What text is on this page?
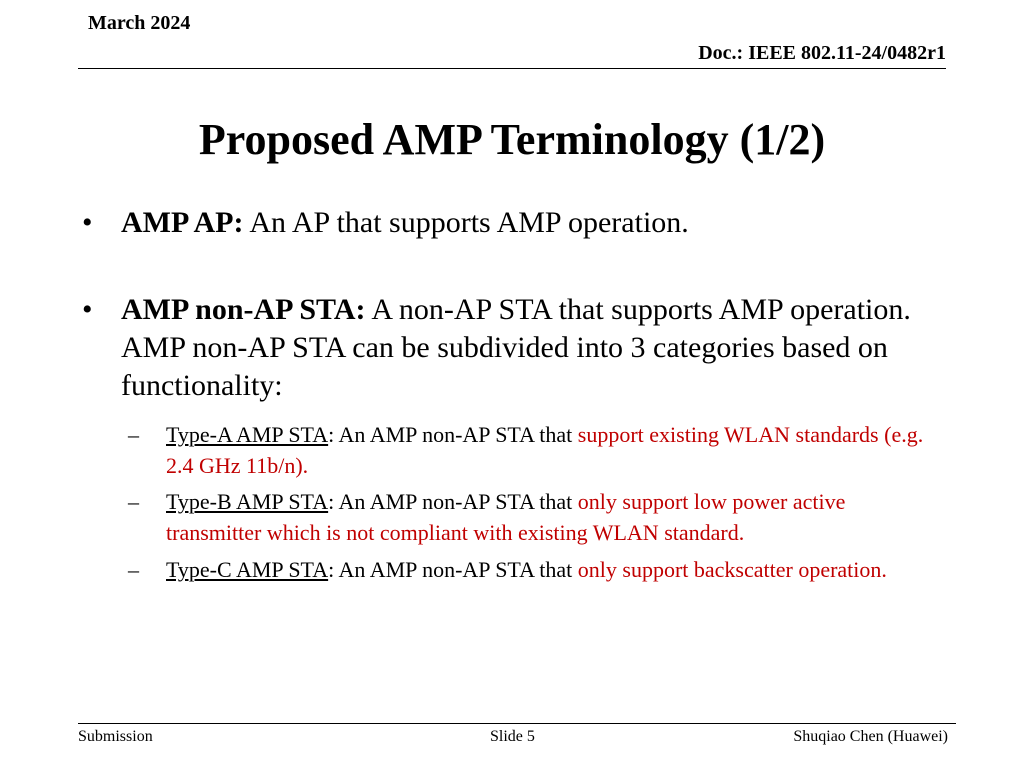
March 2024
Doc.: IEEE 802.11-24/0482r1
Proposed AMP Terminology (1/2)
• AMP AP: An AP that supports AMP operation.
• AMP non-AP STA: A non-AP STA that supports AMP operation. AMP non-AP STA can be subdivided into 3 categories based on functionality:
–	Type-A AMP STA: An AMP non-AP STA that support existing WLAN standards (e.g. 2.4 GHz 11b/n).
–	Type-B AMP STA: An AMP non-AP STA that only support low power active transmitter which is not compliant with existing WLAN standard.
–	Type-C AMP STA: An AMP non-AP STA that only support backscatter operation.
Submission	Slide 5	Shuqiao Chen (Huawei)
